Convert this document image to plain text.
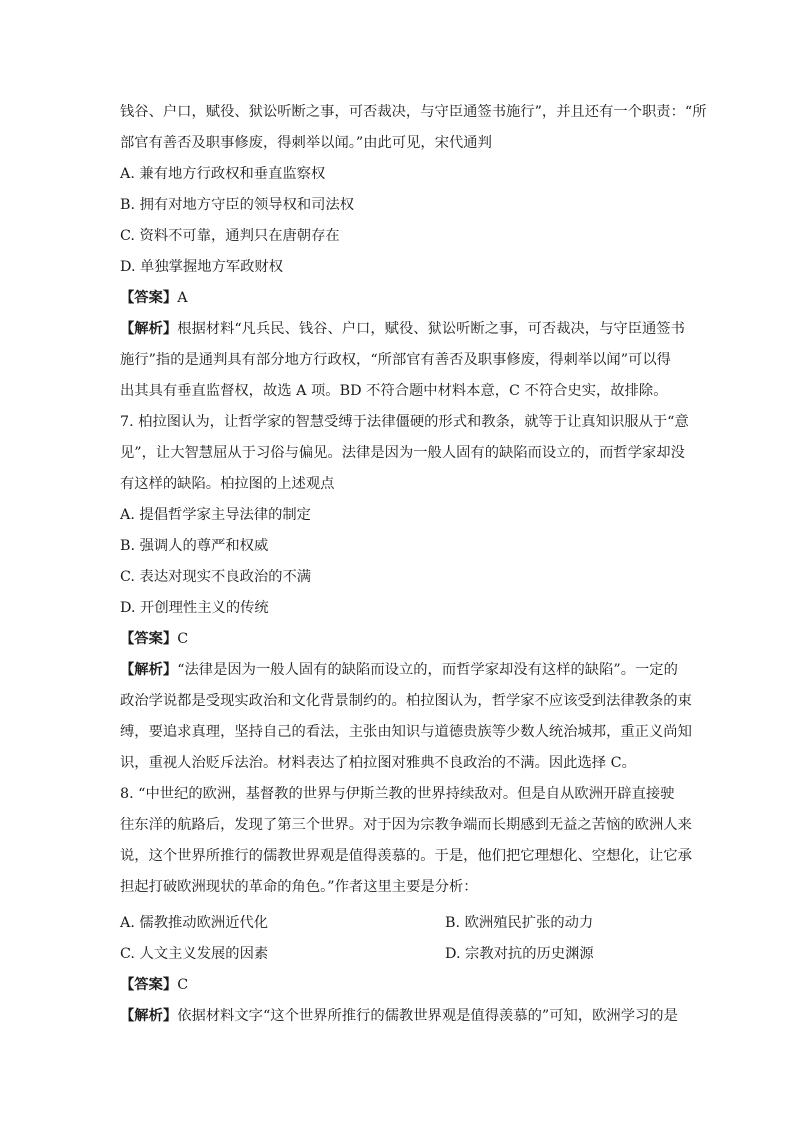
钱谷、户口，赋役、狱讼听断之事，可否裁决，与守臣通签书施行”，并且还有一个职责：“所
部官有善否及职事修废，得刺举以闻。”由此可见，宋代通判
A. 兼有地方行政权和垂直监察权
B. 拥有对地方守臣的领导权和司法权
C. 资料不可靠，通判只在唐朝存在
D. 单独掌握地方军政财权
【答案】A
【解析】根据材料“凡兵民、钱谷、户口，赋役、狱讼听断之事，可否裁决，与守臣通签书
施行”指的是通判具有部分地方行政权，“所部官有善否及职事修废，得刺举以闻”可以得
出其具有垂直监督权，故选 A 项。BD 不符合题中材料本意，C 不符合史实，故排除。
7. 柏拉图认为，让哲学家的智慧受缚于法律僵硬的形式和教条，就等于让真知识服从于“意
见”，让大智慧屈从于习俗与偏见。法律是因为一般人固有的缺陷而设立的，而哲学家却没
有这样的缺陷。柏拉图的上述观点
A. 提倡哲学家主导法律的制定
B. 强调人的尊严和权威
C. 表达对现实不良政治的不满
D. 开创理性主义的传统
【答案】C
【解析】“法律是因为一般人固有的缺陷而设立的，而哲学家却没有这样的缺陷”。一定的
政治学说都是受现实政治和文化背景制约的。柏拉图认为，哲学家不应该受到法律教条的束
缚，要追求真理，坚持自己的看法，主张由知识与道德贵族等少数人统治城邦，重正义尚知
识，重视人治贬斥法治。材料表达了柏拉图对雅典不良政治的不满。因此选择 C。
8. “中世纪的欧洲，基督教的世界与伊斯兰教的世界持续敌对。但是自从欧洲开辟直接驶
往东洋的航路后，发现了第三个世界。对于因为宗教争端而长期感到无益之苦恼的欧洲人来
说，这个世界所推行的儒教世界观是值得羡慕的。于是，他们把它理想化、空想化，让它承
担起打破欧洲现状的革命的角色。”作者这里主要是分析：
A. 儒教推动欧洲近代化	B. 欧洲殖民扩张的动力
C. 人文主义发展的因素	D. 宗教对抗的历史渊源
【答案】C
【解析】依据材料文字“这个世界所推行的儒教世界观是值得羡慕的”可知，欧洲学习的是
